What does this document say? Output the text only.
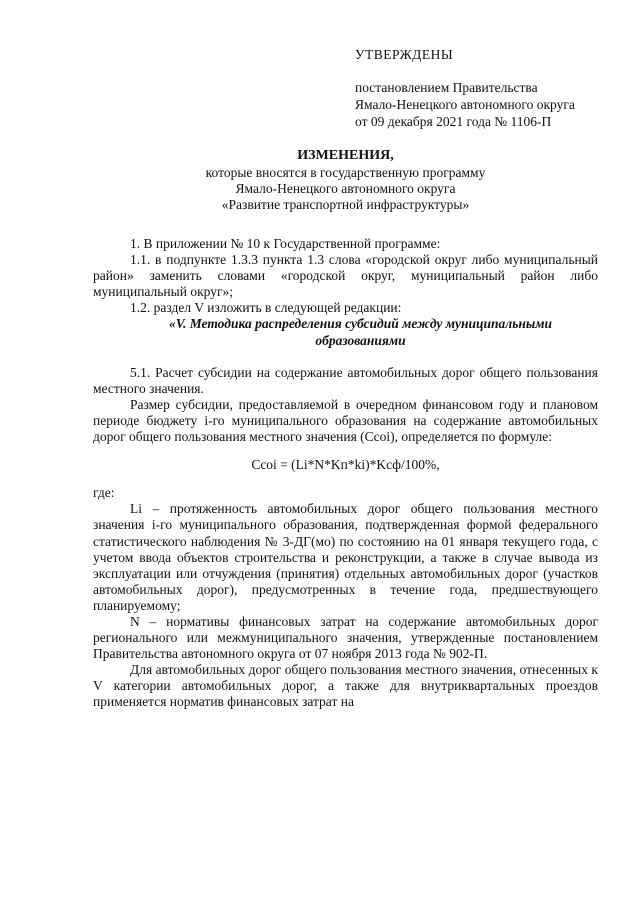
УТВЕРЖДЕНЫ
постановлением Правительства
Ямало-Ненецкого автономного округа
от 09 декабря 2021 года № 1106-П
ИЗМЕНЕНИЯ,
которые вносятся в государственную программу
Ямало-Ненецкого автономного округа
«Развитие транспортной инфраструктуры»
1. В приложении № 10 к Государственной программе:
1.1. в подпункте 1.3.3 пункта 1.3 слова «городской округ либо муниципальный район» заменить словами «городской округ, муниципальный район либо муниципальный округ»;
1.2. раздел V изложить в следующей редакции:
«V. Методика распределения субсидий между муниципальными образованиями
5.1. Расчет субсидии на содержание автомобильных дорог общего пользования местного значения.
Размер субсидии, предоставляемой в очередном финансовом году и плановом периоде бюджету i-го муниципального образования на содержание автомобильных дорог общего пользования местного значения (Ccoi), определяется по формуле:
Ccoi = (Li*N*Kп*ki)*Kсф/100%,
где:
Li – протяженность автомобильных дорог общего пользования местного значения i-го муниципального образования, подтвержденная формой федерального статистического наблюдения № 3-ДГ(мо) по состоянию на 01 января текущего года, с учетом ввода объектов строительства и реконструкции, а также в случае вывода из эксплуатации или отчуждения (принятия) отдельных автомобильных дорог (участков автомобильных дорог), предусмотренных в течение года, предшествующего планируемому;
N – нормативы финансовых затрат на содержание автомобильных дорог регионального или межмуниципального значения, утвержденные постановлением Правительства автономного округа от 07 ноября 2013 года № 902-П.
Для автомобильных дорог общего пользования местного значения, отнесенных к V категории автомобильных дорог, а также для внутриквартальных проездов применяется норматив финансовых затрат на
